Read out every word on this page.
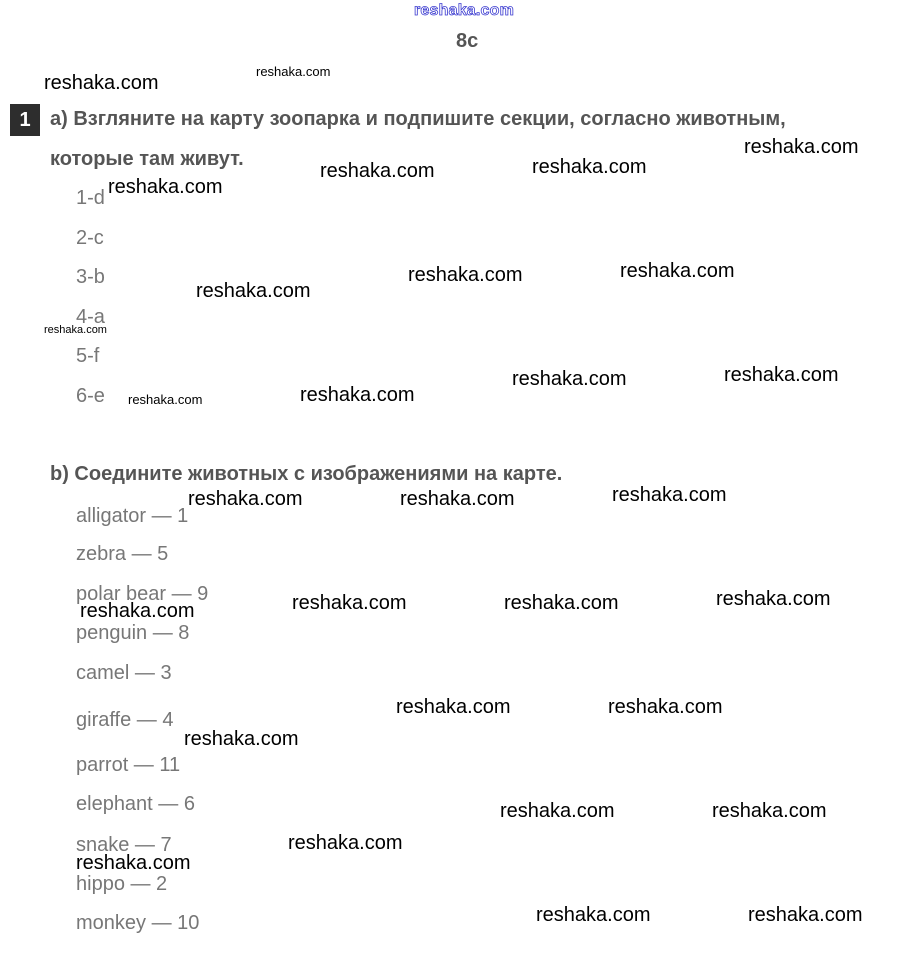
reshaka.com
8c
1 a) Взгляните на карту зоопарка и подпишите секции, согласно животным,
которые там живут.
1-d
2-c
3-b
4-a
5-f
6-e
b) Соедините животных с изображениями на карте.
alligator — 1
zebra — 5
polar bear — 9
penguin — 8
camel — 3
giraffe — 4
parrot — 11
elephant — 6
snake — 7
hippo — 2
monkey — 10
reshaka.com
reshaka.com
reshaka.com
reshaka.com
reshaka.com	reshaka.com
reshaka.com
reshaka.com	reshaka.com
reshaka.com
reshaka.com	reshaka.com
reshaka.com	reshaka.com
reshaka.com	reshaka.com	reshaka.com
reshaka.com	reshaka.com	reshaka.com	reshaka.com
reshaka.com	reshaka.com
reshaka.com
reshaka.com	reshaka.com
reshaka.com
reshaka.com
reshaka.com	reshaka.com
